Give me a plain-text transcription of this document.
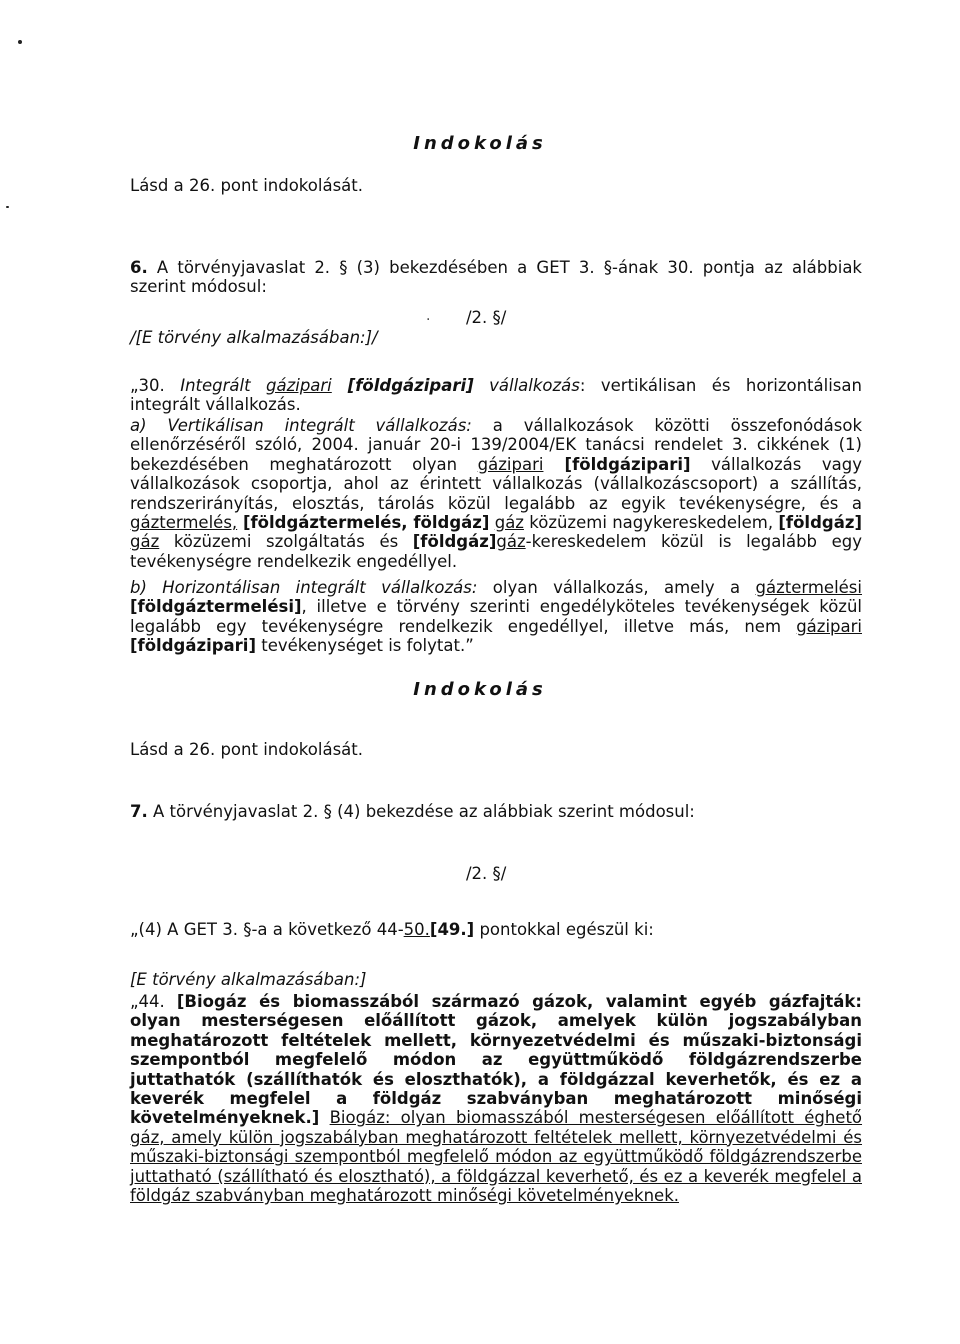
Indokolás
Lásd a 26. pont indokolását.
6. A törvényjavaslat 2. § (3) bekezdésében a GET 3. §-ának 30. pontja az alábbiak szerint módosul:
· /2. §/
/[E törvény alkalmazásában:]/
„30. Integrált gázipari [földgázipari] vállalkozás: vertikálisan és horizontálisan integrált vállalkozás.
a) Vertikálisan integrált vállalkozás: a vállalkozások közötti összefonódások ellenőrzéséről szóló, 2004. január 20-i 139/2004/EK tanácsi rendelet 3. cikkének (1) bekezdésében meghatározott olyan gázipari [földgázipari] vállalkozás vagy vállalkozások csoportja, ahol az érintett vállalkozás (vállalkozáscsoport) a szállítás, rendszerirányítás, elosztás, tárolás közül legalább az egyik tevékenységre, és a gáztermelés, [földgáztermelés, földgáz] gáz közüzemi nagykereskedelem, [földgáz] gáz közüzemi szolgáltatás és [földgáz]gáz-kereskedelem közül is legalább egy tevékenységre rendelkezik engedéllyel.
b) Horizontálisan integrált vállalkozás: olyan vállalkozás, amely a gáztermelési [földgáztermelési], illetve e törvény szerinti engedélyköteles tevékenységek közül legalább egy tevékenységre rendelkezik engedéllyel, illetve más, nem gázipari [földgázipari] tevékenységet is folytat.”
Indokolás
Lásd a 26. pont indokolását.
7. A törvényjavaslat 2. § (4) bekezdése az alábbiak szerint módosul:
/2. §/
„(4) A GET 3. §-a a következő 44-50.[49.] pontokkal egészül ki:
[E törvény alkalmazásában:]
„44. [Biogáz és biomasszából származó gázok, valamint egyéb gázfajták: olyan mesterségesen előállított gázok, amelyek külön jogszabályban meghatározott feltételek mellett, környezetvédelmi és műszaki-biztonsági szempontból megfelelő módon az együttműködő földgázrendszerbe juttathatók (szállíthatók és eloszthatók), a földgázzal keverhetők, és ez a keverék megfelel a földgáz szabványban meghatározott minőségi követelményeknek.] Biogáz: olyan biomasszából mesterségesen előállított éghető gáz, amely külön jogszabályban meghatározott feltételek mellett, környezetvédelmi és műszaki-biztonsági szempontból megfelelő módon az együttműködő földgázrendszerbe juttatható (szállítható és elosztható), a földgázzal keverhető, és ez a keverék megfelel a földgáz szabványban meghatározott minőségi követelményeknek.
